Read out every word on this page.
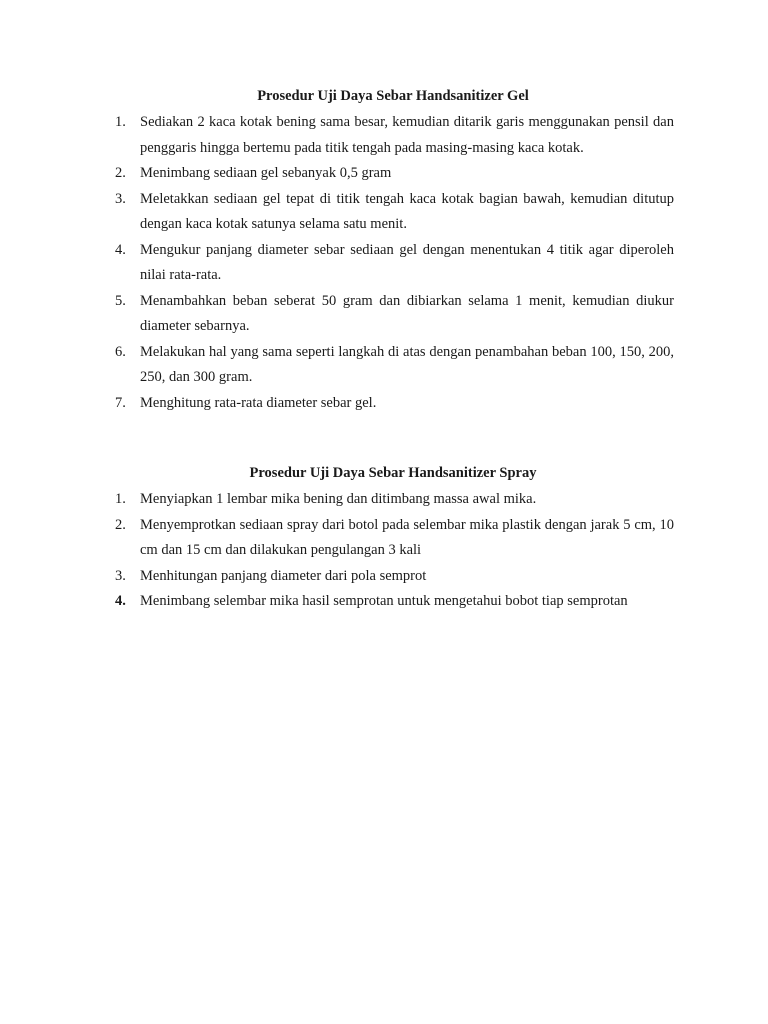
Prosedur Uji Daya Sebar Handsanitizer Gel
1. Sediakan 2 kaca kotak bening sama besar, kemudian ditarik garis menggunakan pensil dan penggaris hingga bertemu pada titik tengah pada masing-masing kaca kotak.
2. Menimbang sediaan gel sebanyak 0,5 gram
3. Meletakkan sediaan gel tepat di titik tengah kaca kotak bagian bawah, kemudian ditutup dengan kaca kotak satunya selama satu menit.
4. Mengukur panjang diameter sebar sediaan gel dengan menentukan 4 titik agar diperoleh nilai rata-rata.
5. Menambahkan beban seberat 50 gram dan dibiarkan selama 1 menit, kemudian diukur diameter sebarnya.
6. Melakukan hal yang sama seperti langkah di atas dengan penambahan beban 100, 150, 200, 250, dan 300 gram.
7. Menghitung rata-rata diameter sebar gel.
Prosedur Uji Daya Sebar Handsanitizer Spray
1. Menyiapkan 1 lembar mika bening dan ditimbang massa awal mika.
2. Menyemprotkan sediaan spray dari botol pada selembar mika plastik dengan jarak 5 cm, 10 cm dan 15 cm dan dilakukan pengulangan 3 kali
3. Menhitungan panjang diameter dari pola semprot
4. Menimbang selembar mika hasil semprotan untuk mengetahui bobot tiap semprotan
